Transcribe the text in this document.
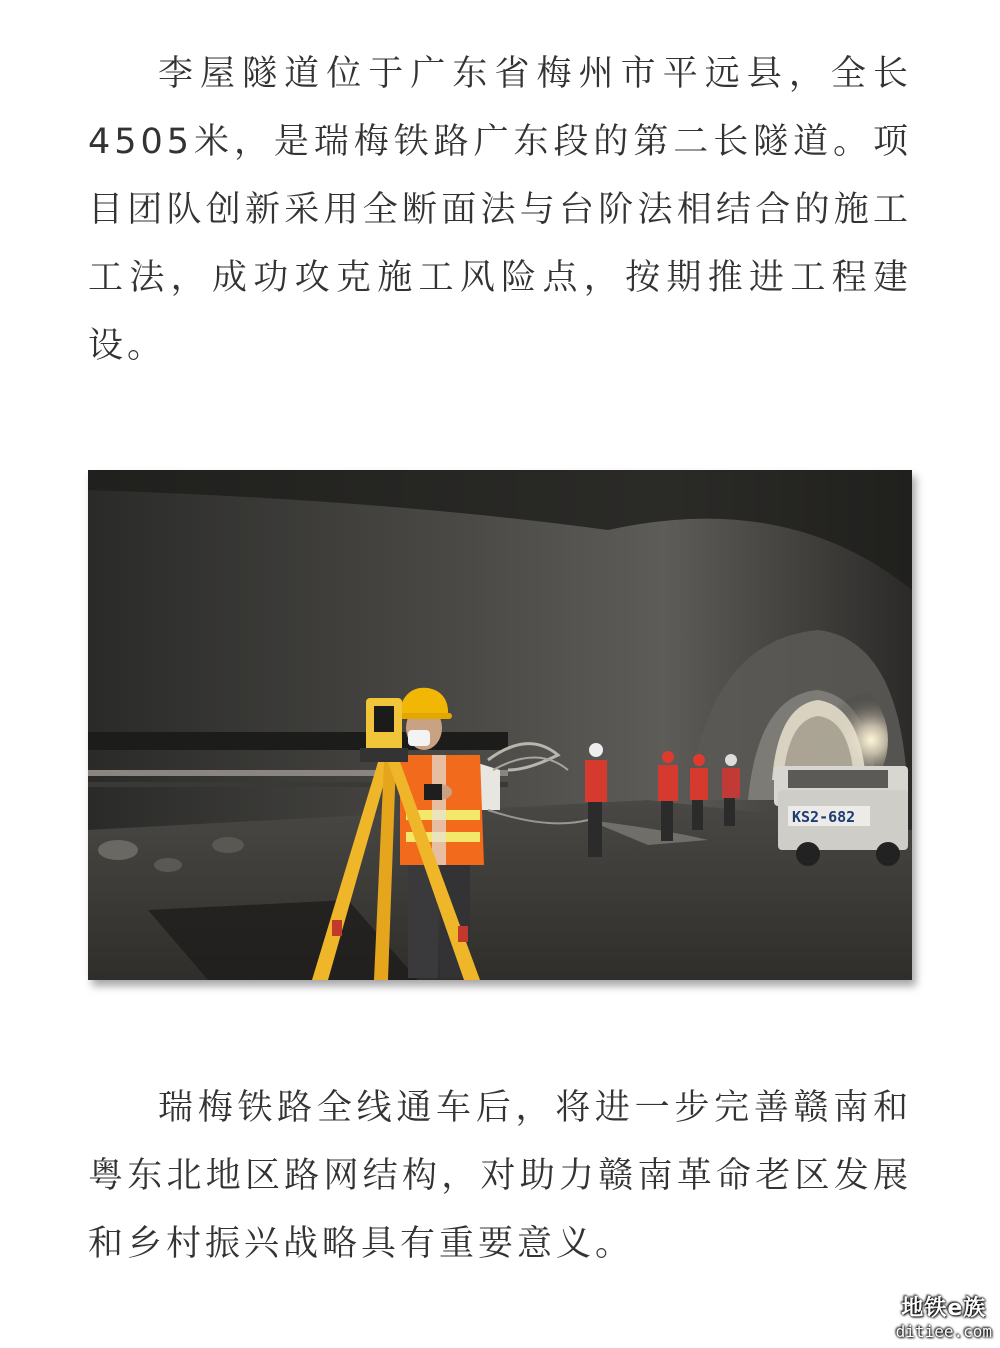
李屋隧道位于广东省梅州市平远县，全长4505米，是瑞梅铁路广东段的第二长隧道。项目团队创新采用全断面法与台阶法相结合的施工工法，成功攻克施工风险点，按期推进工程建设。

KS2-682

瑞梅铁路全线通车后，将进一步完善赣南和粤东北地区路网结构，对助力赣南革命老区发展和乡村振兴战略具有重要意义。

地铁e族
ditiee.com
